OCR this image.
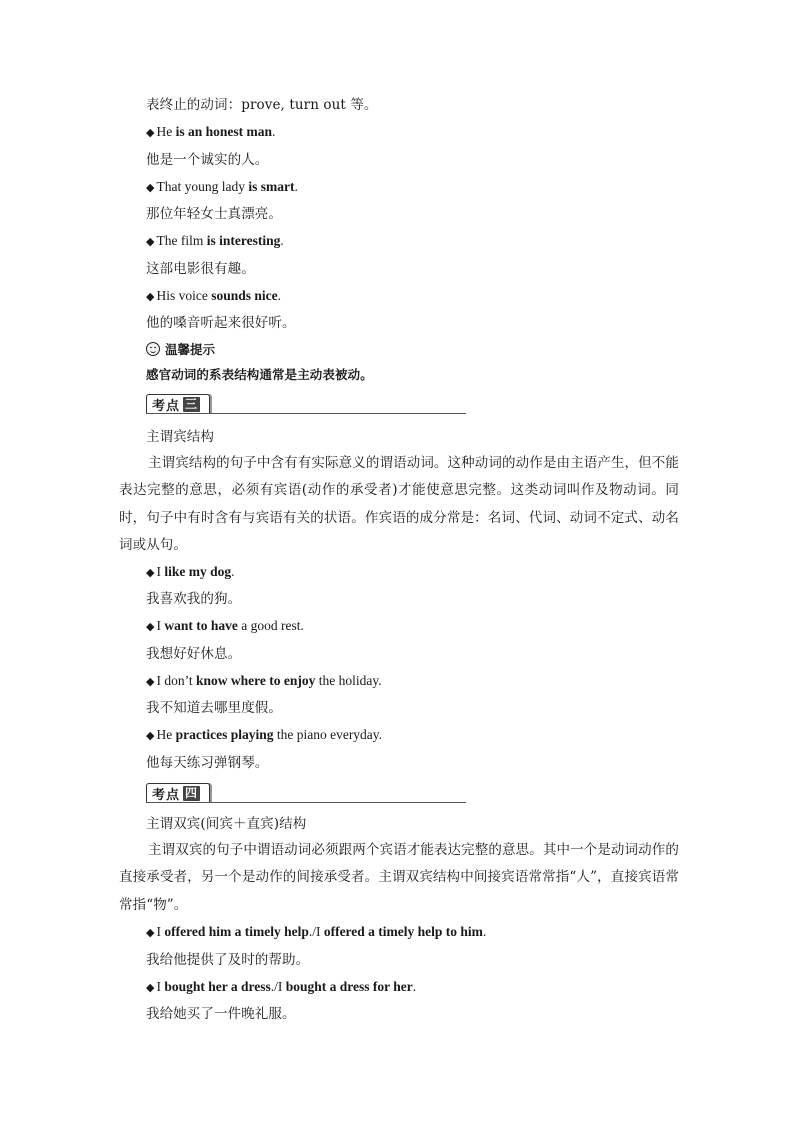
表终止的动词：prove, turn out 等。
◆ He is an honest man.
他是一个诚实的人。
◆ That young lady is smart.
那位年轻女士真漂亮。
◆ The film is interesting.
这部电影很有趣。
◆ His voice sounds nice.
他的嗓音听起来很好听。
温馨提示
感官动词的系表结构通常是主动表被动。
考点 三
主谓宾结构
主谓宾结构的句子中含有有实际意义的谓语动词。这种动词的动作是由主语产生，但不能表达完整的意思，必须有宾语(动作的承受者)才能使意思完整。这类动词叫作及物动词。同时，句子中有时含有与宾语有关的状语。作宾语的成分常是：名词、代词、动词不定式、动名词或从句。
◆ I like my dog.
我喜欢我的狗。
◆ I want to have a good rest.
我想好好休息。
◆ I don’t know where to enjoy the holiday.
我不知道去哪里度假。
◆ He practices playing the piano everyday.
他每天练习弹钢琴。
考点 四
主谓双宾(间宾＋直宾)结构
主谓双宾的句子中谓语动词必须跟两个宾语才能表达完整的意思。其中一个是动词动作的直接承受者，另一个是动作的间接承受者。主谓双宾结构中间接宾语常常指“人”，直接宾语常常指“物”。
◆ I offered him a timely help./I offered a timely help to him.
我给他提供了及时的帮助。
◆ I bought her a dress./I bought a dress for her.
我给她买了一件晚礼服。
